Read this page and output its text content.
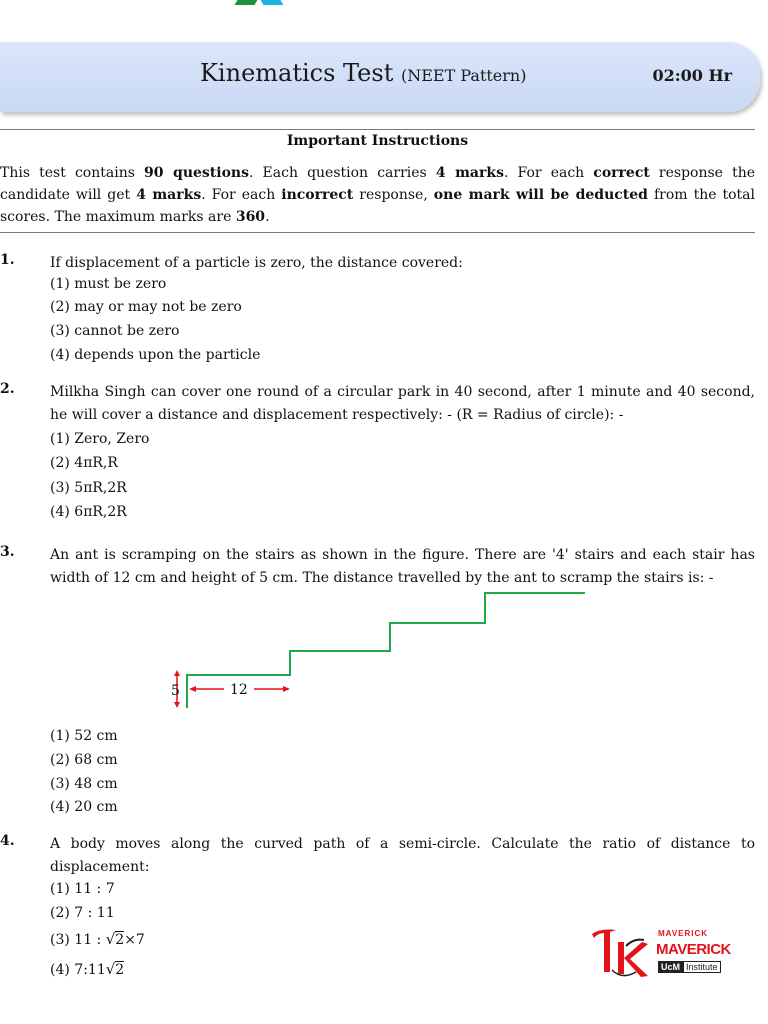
Kinematics Test (NEET Pattern)	02:00 Hr
Important Instructions
This test contains 90 questions. Each question carries 4 marks. For each correct response the candidate will get 4 marks. For each incorrect response, one mark will be deducted from the total scores. The maximum marks are 360.
1.	If displacement of a particle is zero, the distance covered:
(1) must be zero
(2) may or may not be zero
(3) cannot be zero
(4) depends upon the particle
2.	Milkha Singh can cover one round of a circular park in 40 second, after 1 minute and 40 second, he will cover a distance and displacement respectively: - (R = Radius of circle): -
(1) Zero, Zero
(2) 4πR,R
(3) 5πR,2R
(4) 6πR,2R
3.	An ant is scramping on the stairs as shown in the figure. There are '4' stairs and each stair has width of 12 cm and height of 5 cm. The distance travelled by the ant to scramp the stairs is: -
(1) 52 cm
(2) 68 cm
(3) 48 cm
(4) 20 cm
5	12
4.	A body moves along the curved path of a semi-circle. Calculate the ratio of distance to displacement:
(1) 11 : 7
(2) 7 : 11
(3) 11 : √2×7
(4) 7:11√2
MAVERICK
MAVERICK
UcM Institute
